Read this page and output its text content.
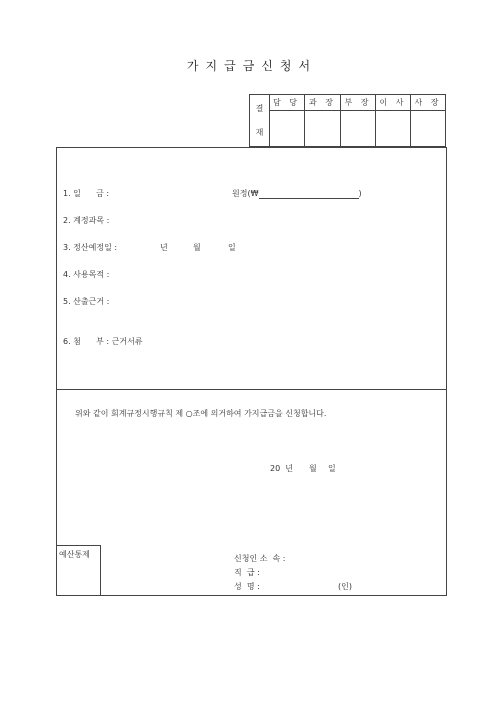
가지급금신청서
결
재
담 당	과 장	부 장	이 사	사 장
1. 일      금 :	원정(₩	)
2. 계정과목 :
3. 정산예정일 :	년	월	일
4. 사용목적 :
5. 산출근거 :
6. 첨      부 : 근거서류
위와 같이 회계규정시행규칙 제 ○조에 의거하여 가지급금을 신청합니다.
20  년 월 일
예산통제	신청인 소  속 :
직  급 :
성  명 :	(인)
